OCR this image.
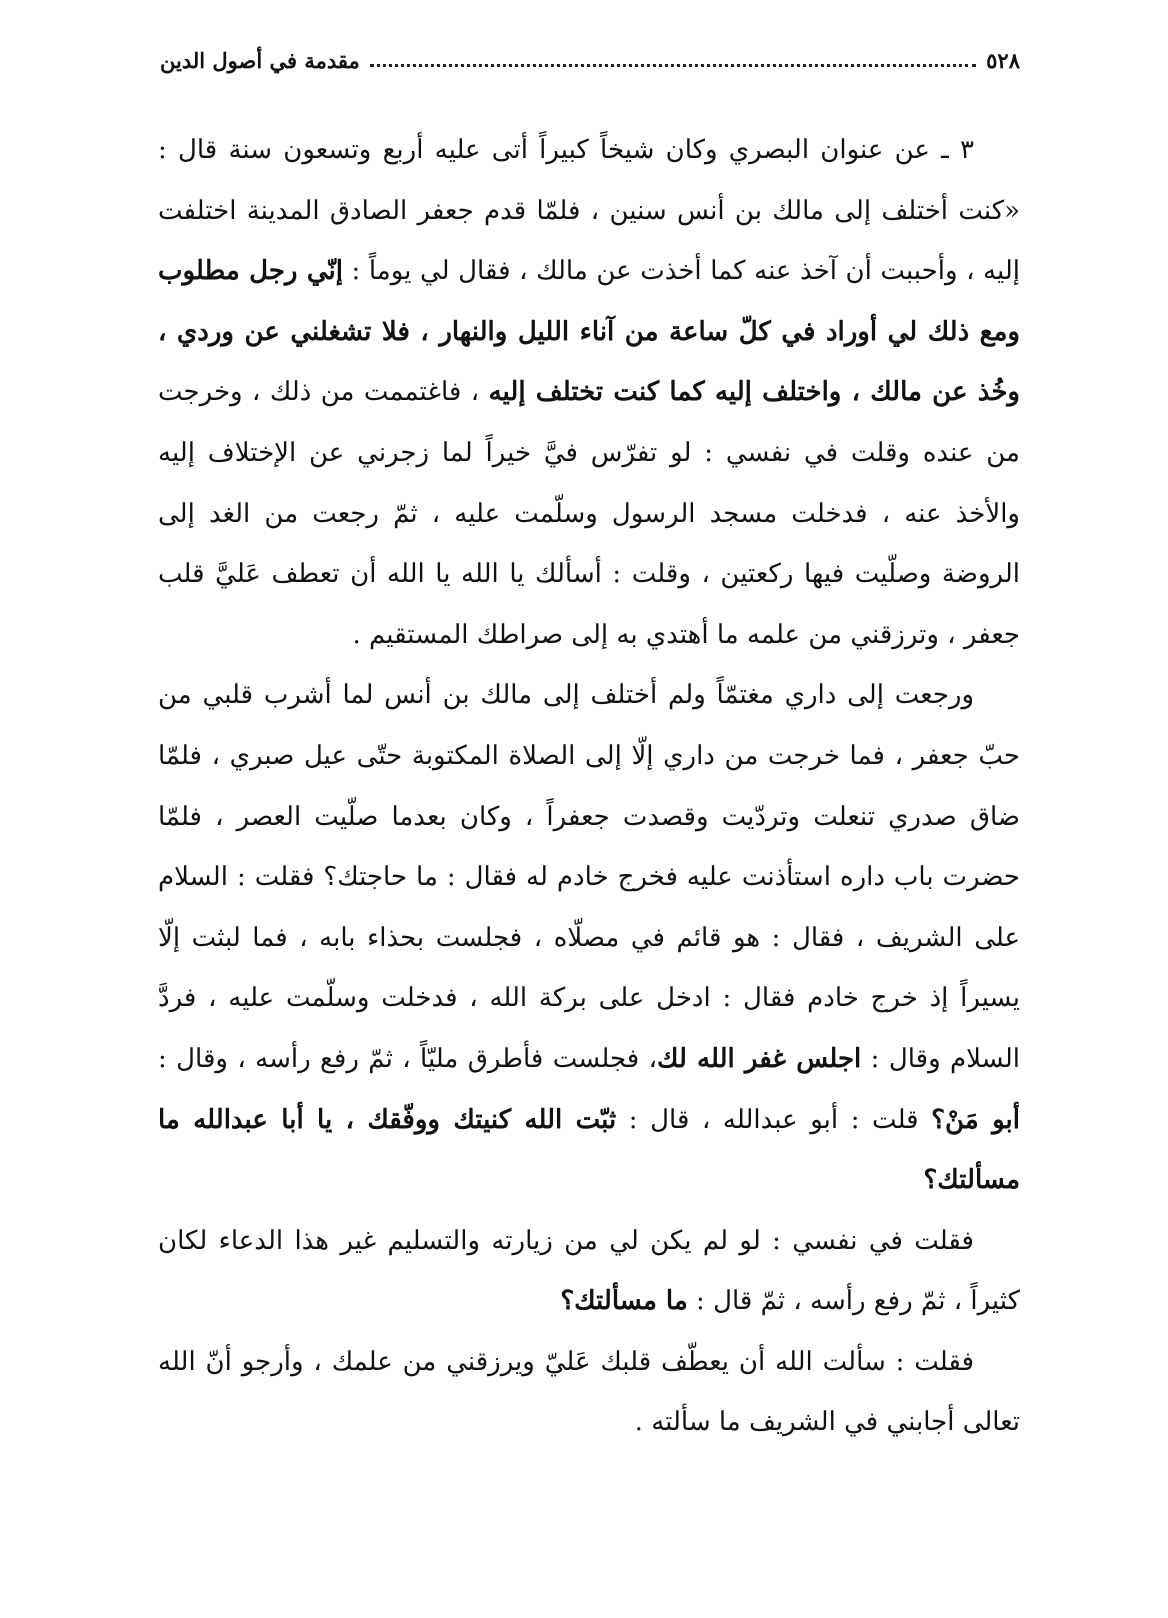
٥٢٨
مقدمة في أصول الدين

٣ ـ عن عنوان البصري وكان شيخاً كبيراً أتى عليه أربع وتسعون سنة قال : «كنت أختلف إلى مالك بن أنس سنين ، فلمّا قدم جعفر الصادق المدينة اختلفت إليه ، وأحببت أن آخذ عنه كما أخذت عن مالك ، فقال لي يوماً : إنّي رجل مطلوب ومع ذلك لي أوراد في كلّ ساعة من آناء الليل والنهار ، فلا تشغلني عن وردي ، وخُذ عن مالك ، واختلف إليه كما كنت تختلف إليه ، فاغتممت من ذلك ، وخرجت من عنده وقلت في نفسي : لو تفرّس فيَّ خيراً لما زجرني عن الإختلاف إليه والأخذ عنه ، فدخلت مسجد الرسول وسلّمت عليه ، ثمّ رجعت من الغد إلى الروضة وصلّيت فيها ركعتين ، وقلت : أسألك يا الله يا الله أن تعطف عَليَّ قلب جعفر ، وترزقني من علمه ما أهتدي به إلى صراطك المستقيم .

ورجعت إلى داري مغتمّاً ولم أختلف إلى مالك بن أنس لما أشرب قلبي من حبّ جعفر ، فما خرجت من داري إلّا إلى الصلاة المكتوبة حتّى عيل صبري ، فلمّا ضاق صدري تنعلت وتردّيت وقصدت جعفراً ، وكان بعدما صلّيت العصر ، فلمّا حضرت باب داره استأذنت عليه فخرج خادم له فقال : ما حاجتك؟ فقلت : السلام على الشريف ، فقال : هو قائم في مصلّاه ، فجلست بحذاء بابه ، فما لبثت إلّا يسيراً إذ خرج خادم فقال : ادخل على بركة الله ، فدخلت وسلّمت عليه ، فردَّ السلام وقال : اجلس غفر الله لك، فجلست فأطرق مليّاً ، ثمّ رفع رأسه ، وقال : أبو مَنْ؟ قلت : أبو عبدالله ، قال : ثبّت الله كنيتك ووفّقك ، يا أبا عبدالله ما مسألتك؟

فقلت في نفسي : لو لم يكن لي من زيارته والتسليم غير هذا الدعاء لكان كثيراً ، ثمّ رفع رأسه ، ثمّ قال : ما مسألتك؟

فقلت : سألت الله أن يعطّف قلبك عَليّ ويرزقني من علمك ، وأرجو أنّ الله تعالى أجابني في الشريف ما سألته .
